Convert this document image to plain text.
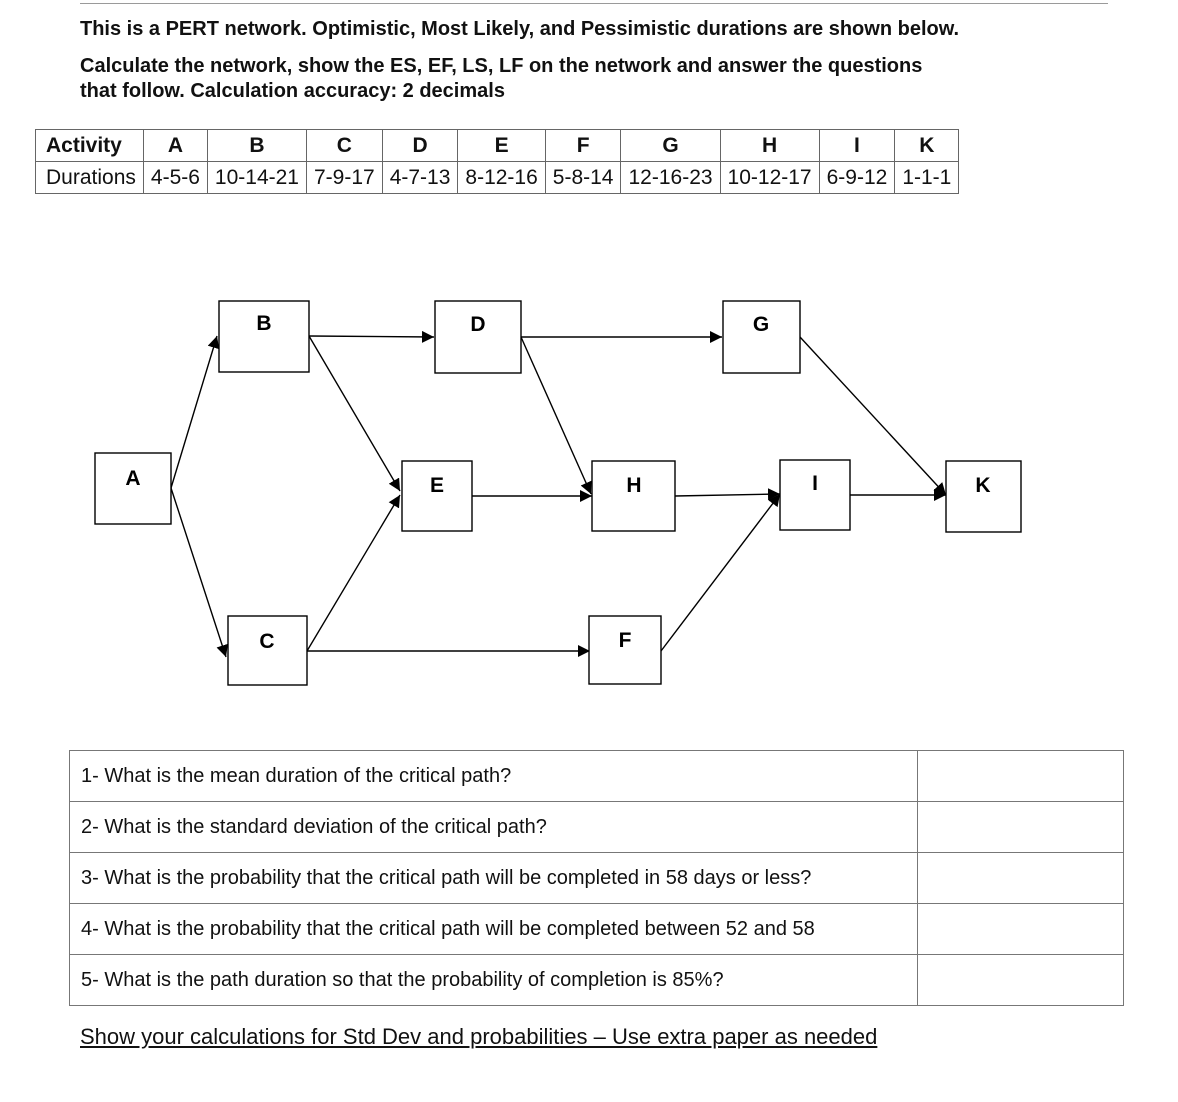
This is a PERT network. Optimistic, Most Likely, and Pessimistic durations are shown below.
Calculate the network, show the ES, EF, LS, LF on the network and answer the questions
that follow. Calculation accuracy: 2 decimals
Activity	A	B	C	D	E	F	G	H	I	K
Durations	4-5-6	10-14-21	7-9-17	4-7-13	8-12-16	5-8-14	12-16-23	10-12-17	6-9-12	1-1-1
A
B
C
D
E
F
G
H	I	K
1- What is the mean duration of the critical path?	
2- What is the standard deviation of the critical path?	
3- What is the probability that the critical path will be completed in 58 days or less?	
4- What is the probability that the critical path will be completed between 52 and 58	
5- What is the path duration so that the probability of completion is 85%?	
Show your calculations for Std Dev and probabilities – Use extra paper as needed
